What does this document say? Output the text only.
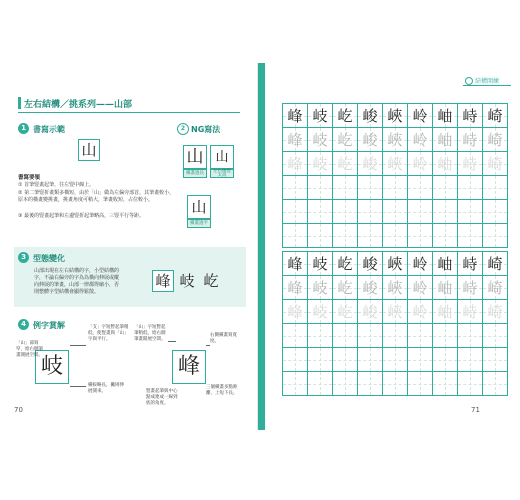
左右結構／挑系列——山部
1 書寫示範
山
2 NG寫法
山
橫畫過長
山
左右兩豎太高
山
橫畫過平
書寫要領
① 首筆豎畫起筆，往左豎中線上。
② 第二筆豎折畫類多橫短，由於「山」做為左偏旁部首，其筆畫較小，原本的橫畫變挑畫，挑畫角度可稍大，筆畫收短，占位較小。
③ 最後的豎畫起筆和左邊豎折起筆略高，三豎平行等距。
3 型態變化
山部出現在左右結構的字，小型結構的字，不論右偏旁的字為為橫向伸展或縱向伸展的筆畫，山部一律都得縮小，否則整體字型結構會顯得鬆散。
峰 岐 屹
4 例字賞解
岐
「山」部寫窄，給右側筆畫開展空間。
「支」字短暫起筆稍低，使豎畫與「山」字與平行。
橫較略長，撇則伸展開來。
峰
「山」字短暫起筆稍低，給右側筆畫開展空間。
右側橫畫寫寬度。
豎畫起筆與中心點成連成一線到底的角度。
三個橫畫多點距離，上短下長。
70
結構開練
71
峰 岐 屹 峻 峽 岭 岫 峙 崎
峰 岐 屹 峻 峽 岭 岫 峙 崎
峰 岐 屹 峻 峽 岭 岫 峙 崎
峰 岐 屹 峻 峽 岭 岫 峙 崎
峰 岐 屹 峻 峽 岭 岫 峙 崎
峰 岐 屹 峻 峽 岭 岫 峙 崎
